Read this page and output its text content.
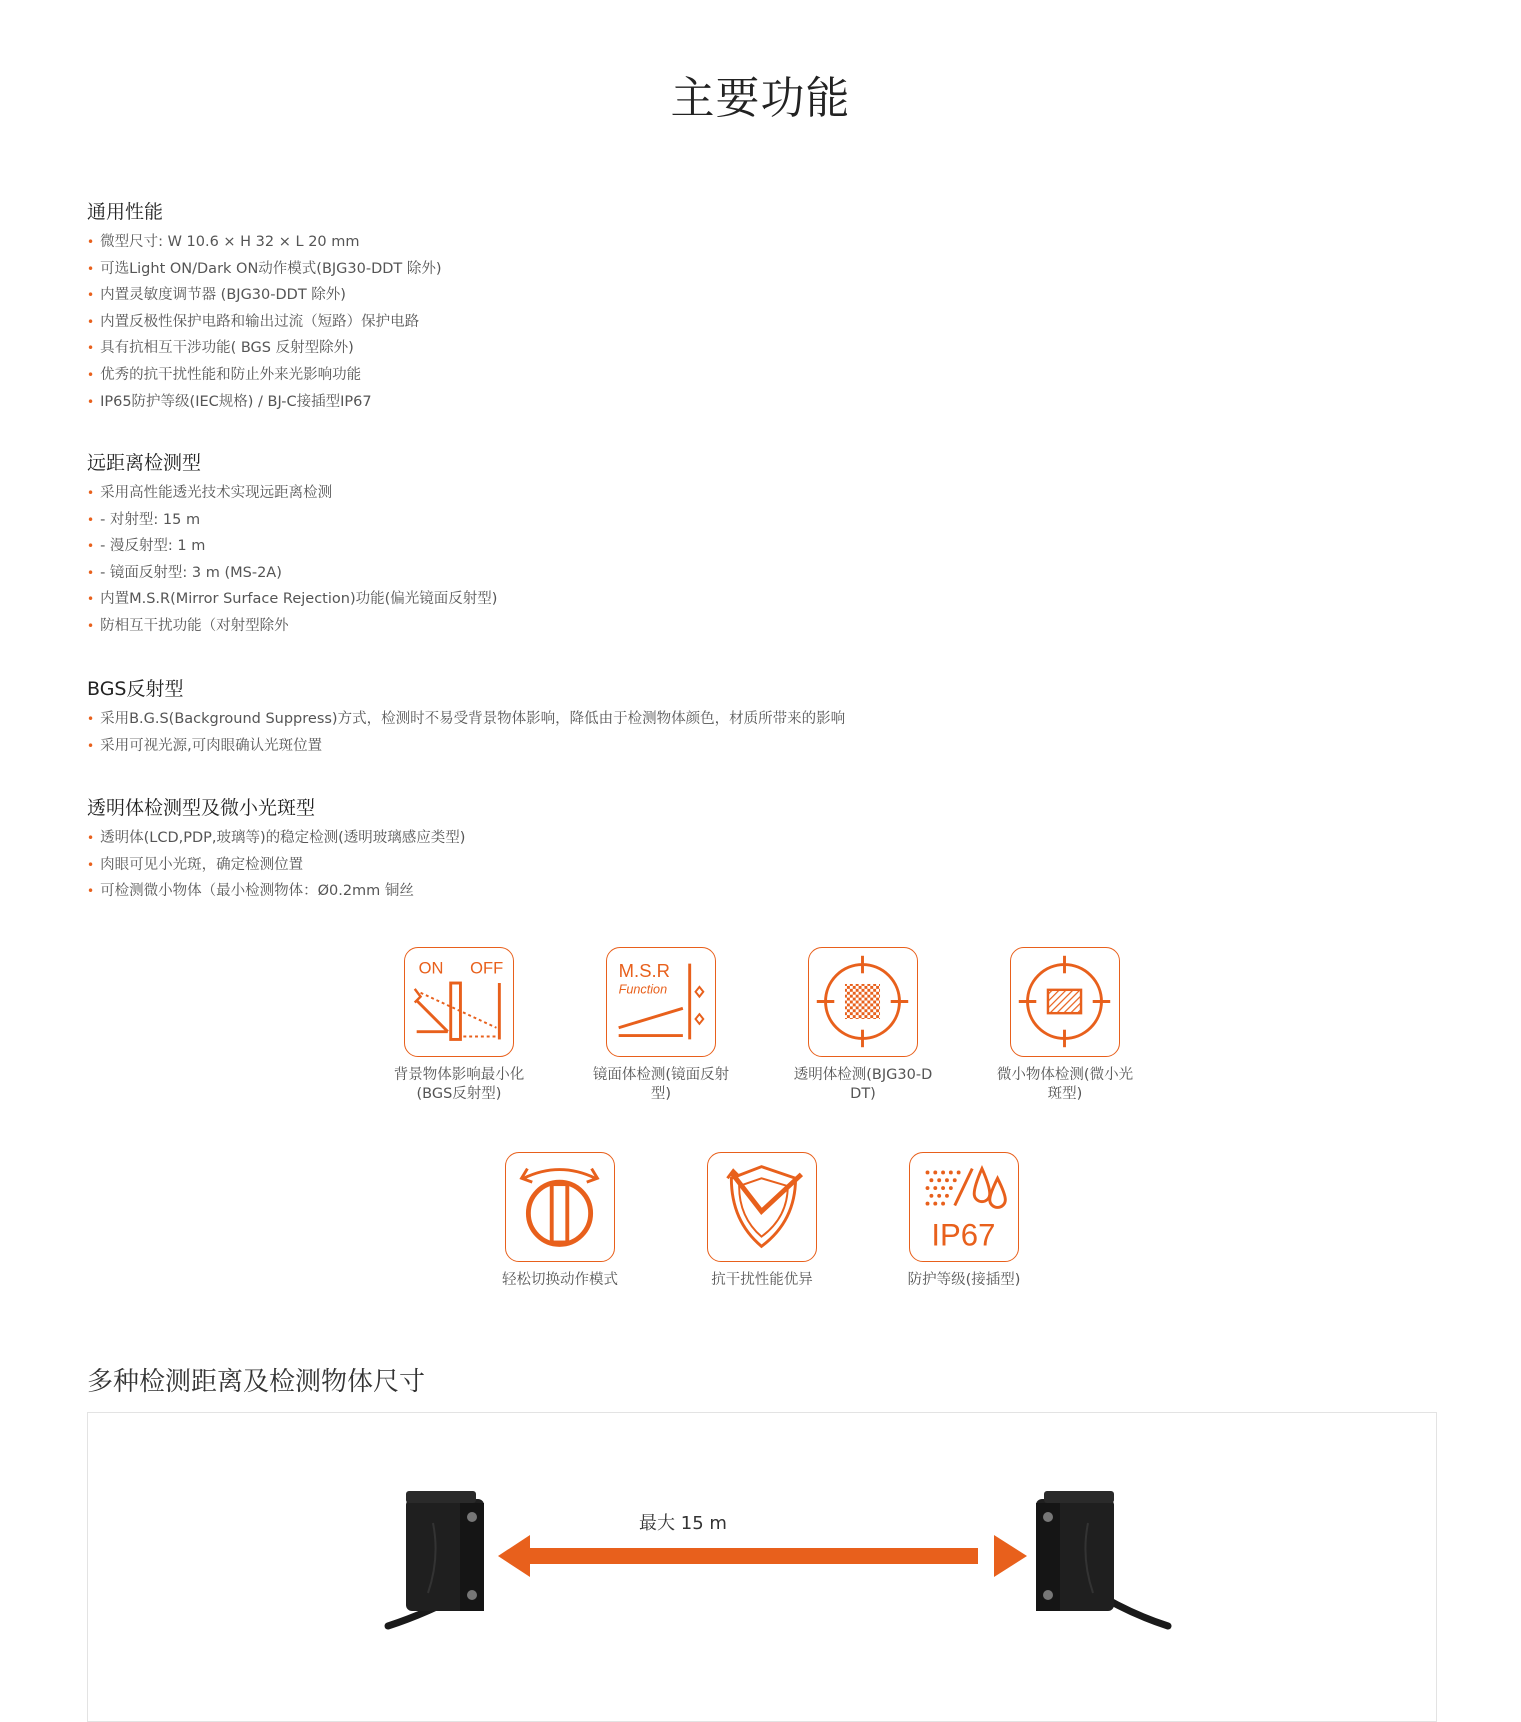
主要功能
通用性能
• 微型尺寸: W 10.6 × H 32 × L 20 mm
• 可选Light ON/Dark ON动作模式(BJG30-DDT 除外)
• 内置灵敏度调节器 (BJG30-DDT 除外)
• 内置反极性保护电路和输出过流（短路）保护电路
• 具有抗相互干涉功能( BGS 反射型除外)
• 优秀的抗干扰性能和防止外来光影响功能
• IP65防护等级(IEC规格) / BJ-C接插型IP67
远距离检测型
• 采用高性能透光技术实现远距离检测
• - 对射型: 15 m
• - 漫反射型: 1 m
• - 镜面反射型: 3 m (MS-2A)
• 内置M.S.R(Mirror Surface Rejection)功能(偏光镜面反射型)
• 防相互干扰功能（对射型除外
BGS反射型
• 采用B.G.S(Background Suppress)方式，检测时不易受背景物体影响，降低由于检测物体颜色，材质所带来的影响
• 采用可视光源,可肉眼确认光斑位置
透明体检测型及微小光斑型
• 透明体(LCD,PDP,玻璃等)的稳定检测(透明玻璃感应类型)
• 肉眼可见小光斑，确定检测位置
• 可检测微小物体（最小检测物体：Ø0.2mm 铜丝
ON OFF
背景物体影响最小化
(BGS反射型)
M.S.R
Function
镜面体检测(镜面反射
型)
透明体检测(BJG30-D
DT)
微小物体检测(微小光
斑型)
轻松切换动作模式	抗干扰性能优异
IP67
防护等级(接插型)
多种检测距离及检测物体尺寸
最大 15 m
